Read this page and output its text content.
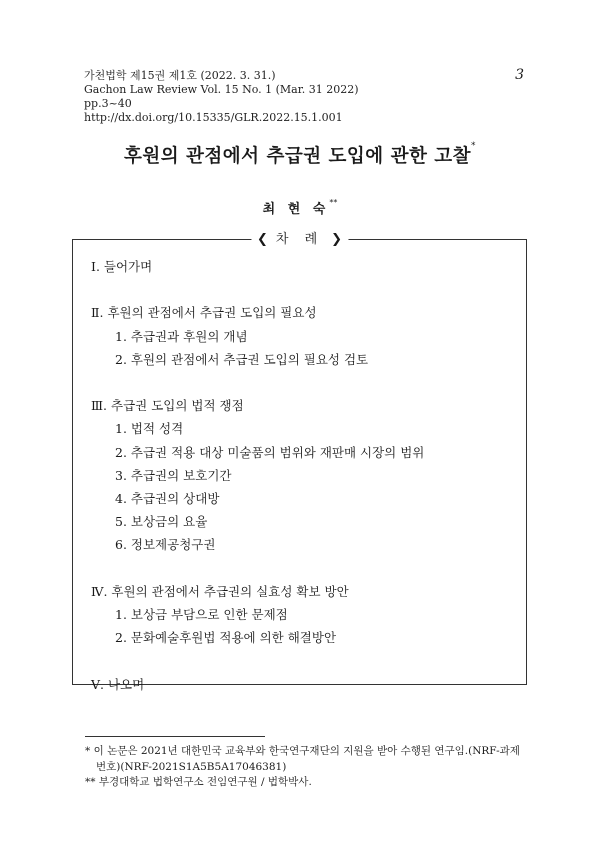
가천법학 제15권 제1호 (2022. 3. 31.)
Gachon Law Review Vol. 15 No. 1 (Mar. 31 2022)
pp.3~40
http://dx.doi.org/10.15335/GLR.2022.15.1.001
3
후원의 관점에서 추급권 도입에 관한 고찰*
최 현 숙**
❮ 차 례 ❯
Ⅰ. 들어가며
Ⅱ. 후원의 관점에서 추급권 도입의 필요성
1. 추급권과 후원의 개념
2. 후원의 관점에서 추급권 도입의 필요성 검토
Ⅲ. 추급권 도입의 법적 쟁점
1. 법적 성격
2. 추급권 적용 대상 미술품의 범위와 재판매 시장의 범위
3. 추급권의 보호기간
4. 추급권의 상대방
5. 보상금의 요율
6. 정보제공청구권
Ⅳ. 후원의 관점에서 추급권의 실효성 확보 방안
1. 보상금 부담으로 인한 문제점
2. 문화예술후원법 적용에 의한 해결방안
Ⅴ. 나오며
* 이 논문은 2021년 대한민국 교육부와 한국연구재단의 지원을 받아 수행된 연구임.(NRF-과제
번호)(NRF-2021S1A5B5A17046381)
** 부경대학교 법학연구소 전임연구원 / 법학박사.
